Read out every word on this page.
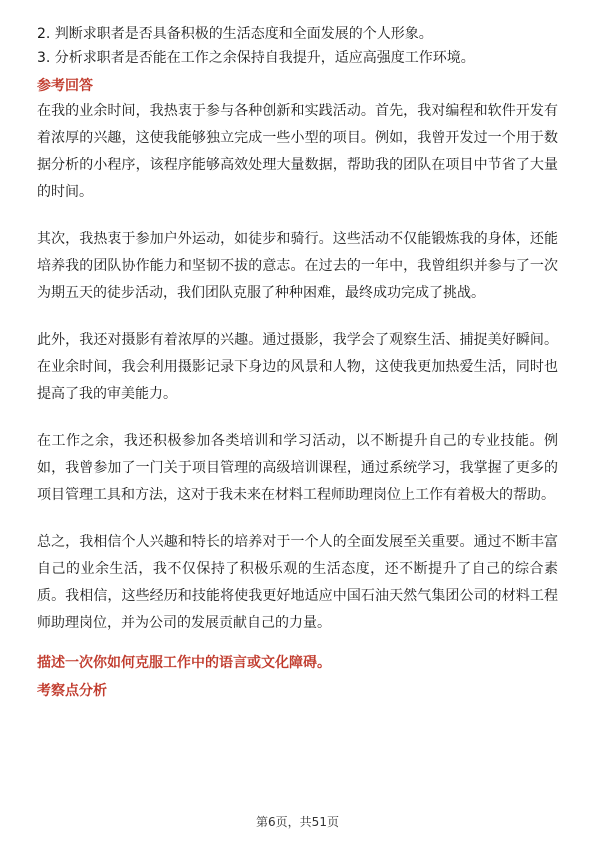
2. 判断求职者是否具备积极的生活态度和全面发展的个人形象。

3. 分析求职者是否能在工作之余保持自我提升，适应高强度工作环境。

参考回答

在我的业余时间，我热衷于参与各种创新和实践活动。首先，我对编程和软件开发有着浓厚的兴趣，这使我能够独立完成一些小型的项目。例如，我曾开发过一个用于数据分析的小程序，该程序能够高效处理大量数据，帮助我的团队在项目中节省了大量的时间。

其次，我热衷于参加户外运动，如徒步和骑行。这些活动不仅能锻炼我的身体，还能培养我的团队协作能力和坚韧不拔的意志。在过去的一年中，我曾组织并参与了一次为期五天的徒步活动，我们团队克服了种种困难，最终成功完成了挑战。

此外，我还对摄影有着浓厚的兴趣。通过摄影，我学会了观察生活、捕捉美好瞬间。在业余时间，我会利用摄影记录下身边的风景和人物，这使我更加热爱生活，同时也提高了我的审美能力。

在工作之余，我还积极参加各类培训和学习活动，以不断提升自己的专业技能。例如，我曾参加了一门关于项目管理的高级培训课程，通过系统学习，我掌握了更多的项目管理工具和方法，这对于我未来在材料工程师助理岗位上工作有着极大的帮助。

总之，我相信个人兴趣和特长的培养对于一个人的全面发展至关重要。通过不断丰富自己的业余生活，我不仅保持了积极乐观的生活态度，还不断提升了自己的综合素质。我相信，这些经历和技能将使我更好地适应中国石油天然气集团公司的材料工程师助理岗位，并为公司的发展贡献自己的力量。

描述一次你如何克服工作中的语言或文化障碍。

考察点分析

第6页，共51页
